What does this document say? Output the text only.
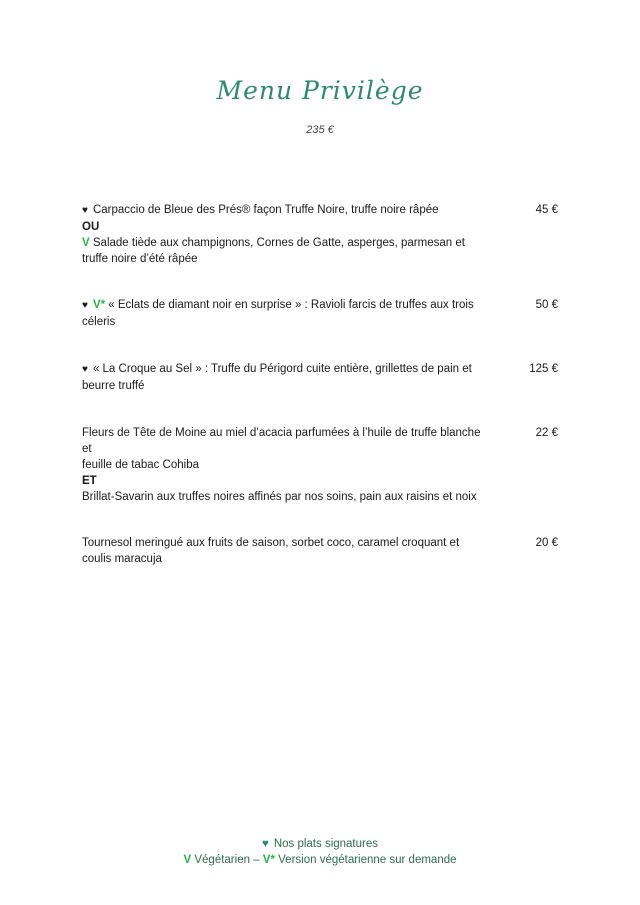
Menu Privilège
235 €
♥ Carpaccio de Bleue des Prés® façon Truffe Noire, truffe noire râpée
OU
V Salade tiède aux champignons, Cornes de Gatte, asperges, parmesan et
truffe noire d’été râpée
45 €
♥ V* « Eclats de diamant noir en surprise » : Ravioli farcis de truffes aux trois
céleris
50 €
♥ « La Croque au Sel » : Truffe du Périgord cuite entière, grillettes de pain et
beurre truffé
125 €
Fleurs de Tête de Moine au miel d’acacia parfumées à l’huile de truffe blanche
et
feuille de tabac Cohiba
ET
Brillat-Savarin aux truffes noires affinés par nos soins, pain aux raisins et noix
22 €
Tournesol meringué aux fruits de saison, sorbet coco, caramel croquant et
coulis maracuja
20 €
♥ Nos plats signatures
V Végétarien – V* Version végétarienne sur demande
